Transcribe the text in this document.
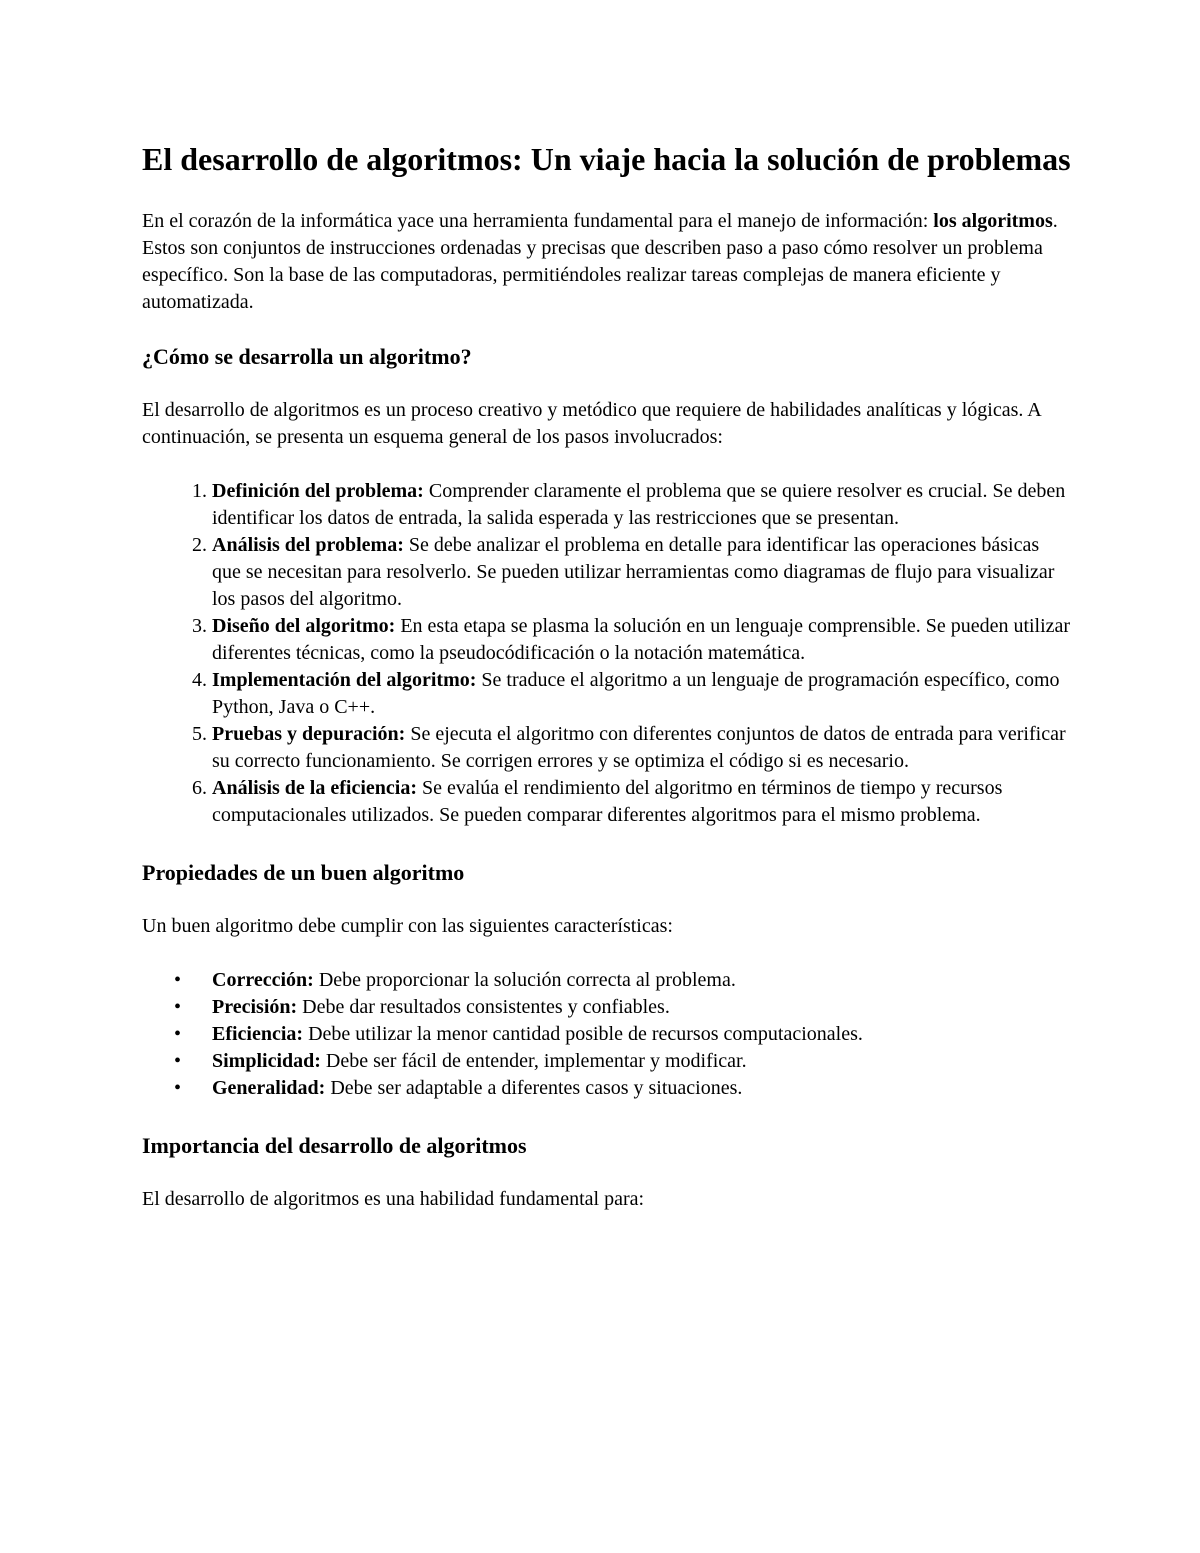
El desarrollo de algoritmos: Un viaje hacia la solución de problemas

En el corazón de la informática yace una herramienta fundamental para el manejo de información: los algoritmos. Estos son conjuntos de instrucciones ordenadas y precisas que describen paso a paso cómo resolver un problema específico. Son la base de las computadoras, permitiéndoles realizar tareas complejas de manera eficiente y automatizada.

¿Cómo se desarrolla un algoritmo?

El desarrollo de algoritmos es un proceso creativo y metódico que requiere de habilidades analíticas y lógicas. A continuación, se presenta un esquema general de los pasos involucrados:

1. Definición del problema: Comprender claramente el problema que se quiere resolver es crucial. Se deben identificar los datos de entrada, la salida esperada y las restricciones que se presentan.
2. Análisis del problema: Se debe analizar el problema en detalle para identificar las operaciones básicas que se necesitan para resolverlo. Se pueden utilizar herramientas como diagramas de flujo para visualizar los pasos del algoritmo.
3. Diseño del algoritmo: En esta etapa se plasma la solución en un lenguaje comprensible. Se pueden utilizar diferentes técnicas, como la pseudocódificación o la notación matemática.
4. Implementación del algoritmo: Se traduce el algoritmo a un lenguaje de programación específico, como Python, Java o C++.
5. Pruebas y depuración: Se ejecuta el algoritmo con diferentes conjuntos de datos de entrada para verificar su correcto funcionamiento. Se corrigen errores y se optimiza el código si es necesario.
6. Análisis de la eficiencia: Se evalúa el rendimiento del algoritmo en términos de tiempo y recursos computacionales utilizados. Se pueden comparar diferentes algoritmos para el mismo problema.
Propiedades de un buen algoritmo

Un buen algoritmo debe cumplir con las siguientes características:

• Corrección: Debe proporcionar la solución correcta al problema.
• Precisión: Debe dar resultados consistentes y confiables.
• Eficiencia: Debe utilizar la menor cantidad posible de recursos computacionales.
• Simplicidad: Debe ser fácil de entender, implementar y modificar.
• Generalidad: Debe ser adaptable a diferentes casos y situaciones.
Importancia del desarrollo de algoritmos

El desarrollo de algoritmos es una habilidad fundamental para:
